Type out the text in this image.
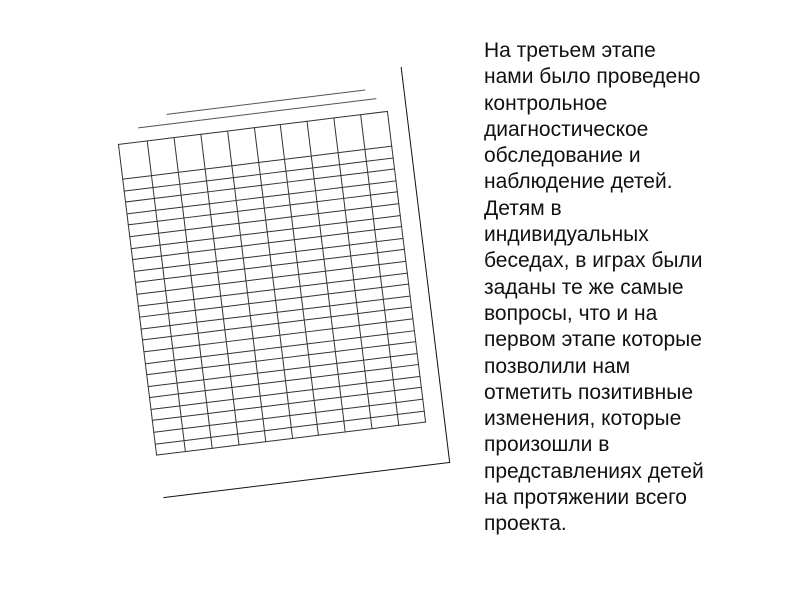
На третьем этапе
нами было проведено
контрольное
диагностическое
обследование и
наблюдение детей.
Детям в
индивидуальных
беседах, в играх были
заданы те же самые
вопросы, что и на
первом этапе которые
позволили нам
отметить позитивные
изменения, которые
произошли в
представлениях детей
на протяжении всего
проекта.
